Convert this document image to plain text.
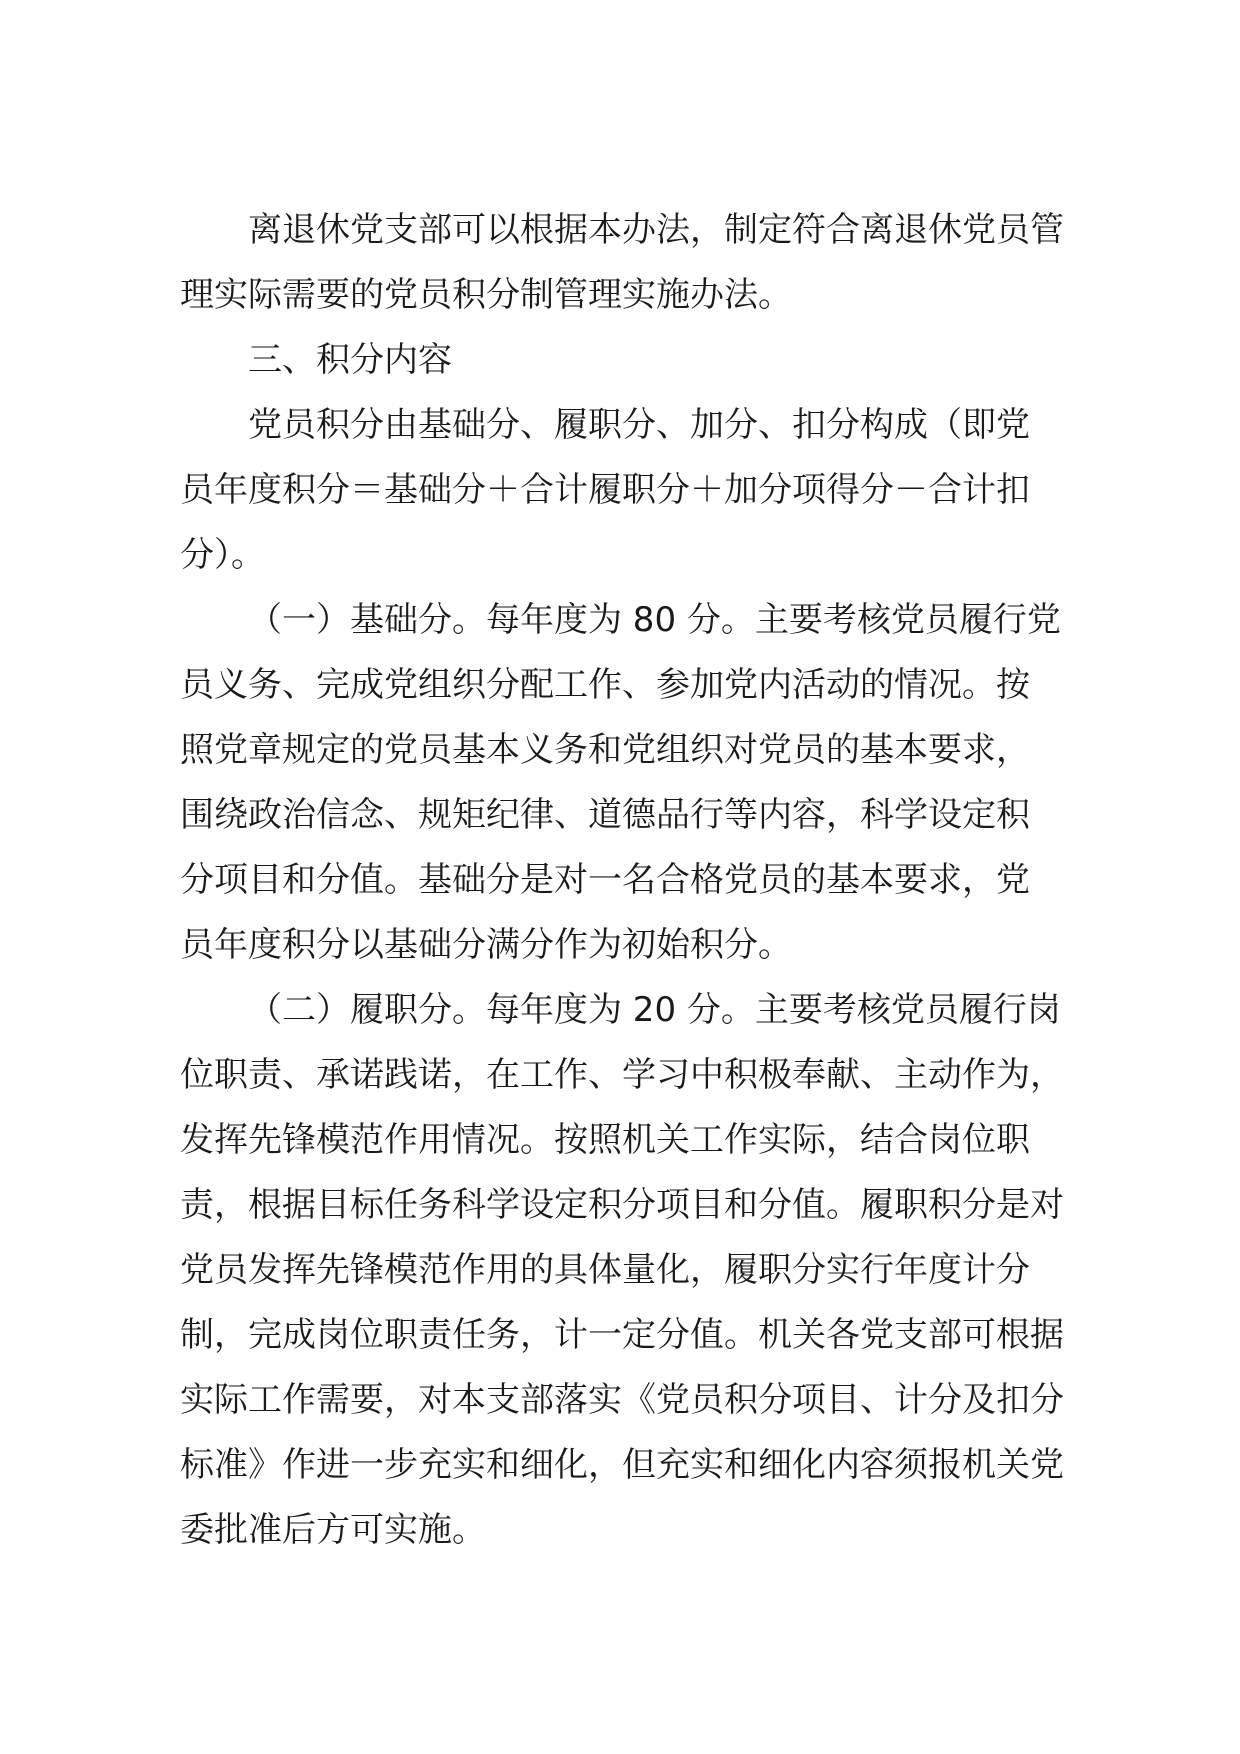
离退休党支部可以根据本办法，制定符合离退休党员管
理实际需要的党员积分制管理实施办法。
三、积分内容
党员积分由基础分、履职分、加分、扣分构成（即党
员年度积分＝基础分＋合计履职分＋加分项得分－合计扣
分）。
（一）基础分。每年度为 80 分。主要考核党员履行党
员义务、完成党组织分配工作、参加党内活动的情况。按
照党章规定的党员基本义务和党组织对党员的基本要求，
围绕政治信念、规矩纪律、道德品行等内容，科学设定积
分项目和分值。基础分是对一名合格党员的基本要求，党
员年度积分以基础分满分作为初始积分。
（二）履职分。每年度为 20 分。主要考核党员履行岗
位职责、承诺践诺，在工作、学习中积极奉献、主动作为，
发挥先锋模范作用情况。按照机关工作实际，结合岗位职
责，根据目标任务科学设定积分项目和分值。履职积分是对
党员发挥先锋模范作用的具体量化，履职分实行年度计分
制，完成岗位职责任务，计一定分值。机关各党支部可根据
实际工作需要，对本支部落实《党员积分项目、计分及扣分
标准》作进一步充实和细化，但充实和细化内容须报机关党
委批准后方可实施。
